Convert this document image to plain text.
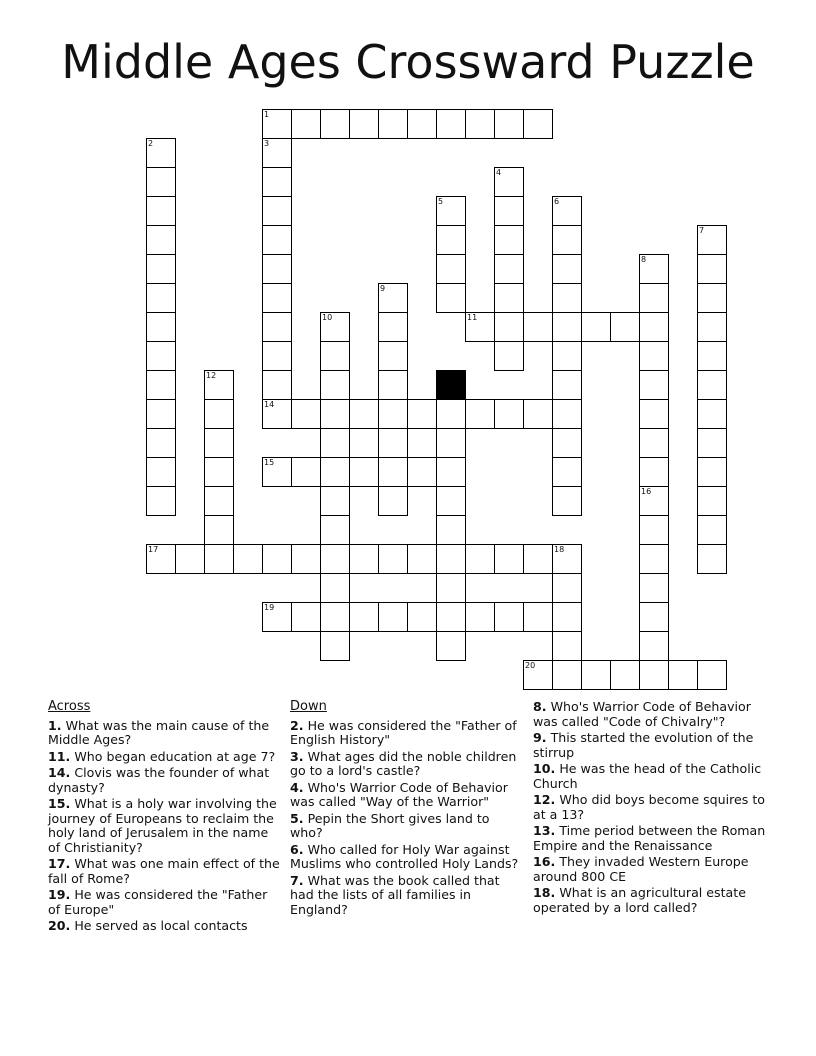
Middle Ages Crossward Puzzle
1
2	3
4
5	6
7
8
9
10	11
12
14
15
16
17	18
19
20
Across
1. What was the main cause of the Middle Ages?
11. Who began education at age 7?
14. Clovis was the founder of what dynasty?
15. What is a holy war involving the journey of Europeans to reclaim the holy land of Jerusalem in the name of Christianity?
17. What was one main effect of the fall of Rome?
19. He was considered the "Father of Europe"
20. He served as local contacts
Down
2. He was considered the "Father of English History"
3. What ages did the noble children go to a lord's castle?
4. Who's Warrior Code of Behavior was called "Way of the Warrior"
5. Pepin the Short gives land to who?
6. Who called for Holy War against Muslims who controlled Holy Lands?
7. What was the book called that had the lists of all families in England?
8. Who's Warrior Code of Behavior was called "Code of Chivalry"?
9. This started the evolution of the stirrup
10. He was the head of the Catholic Church
12. Who did boys become squires to at a 13?
13. Time period between the Roman Empire and the Renaissance
16. They invaded Western Europe around 800 CE
18. What is an agricultural estate operated by a lord called?
